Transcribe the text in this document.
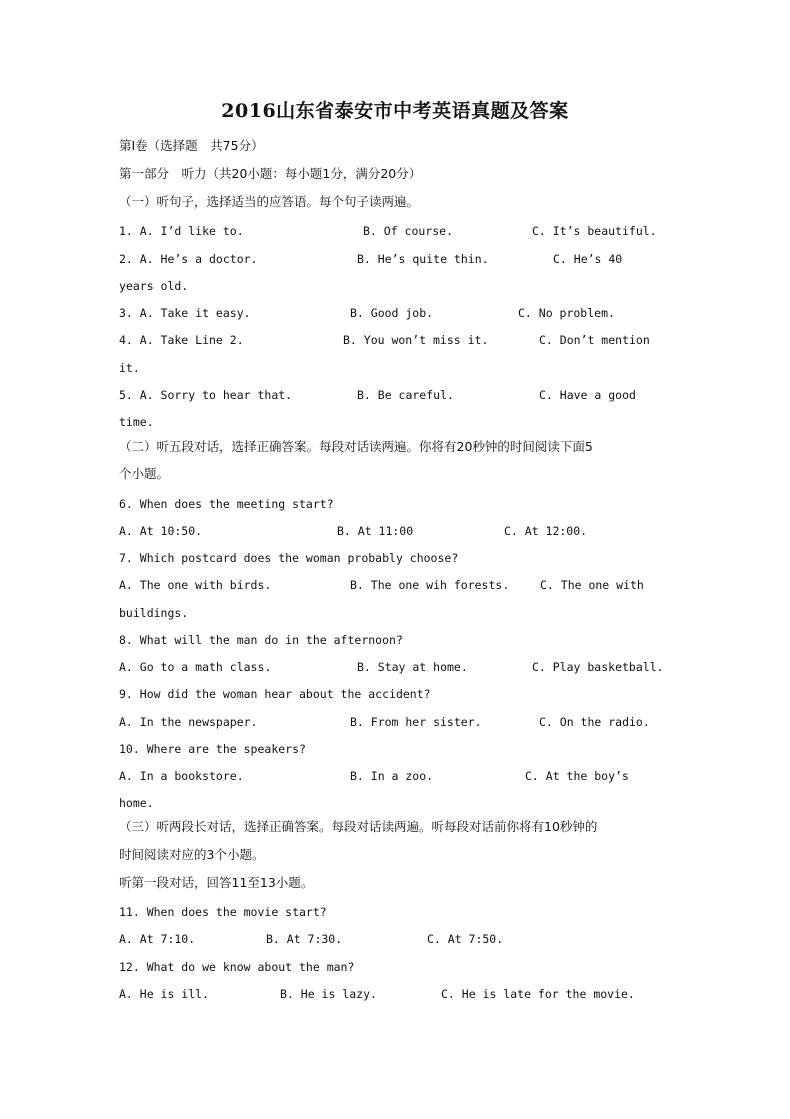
2016山东省泰安市中考英语真题及答案
第Ⅰ卷（选择题　共75分）
第一部分　听力（共20小题：每小题1分，满分20分）
（一）听句子，选择适当的应答语。每个句子读两遍。
1. A. I’d like to.	B. Of course.	C. It’s beautiful.
2. A. He’s a doctor.	B. He’s quite thin.	C. He’s 40
years old.
3. A. Take it easy.	B. Good job.	C. No problem.
4. A. Take Line 2.	B. You won’t miss it.	C. Don’t mention
it.
5. A. Sorry to hear that.	B. Be careful.	C. Have a good
time.
（二）听五段对话，选择正确答案。每段对话读两遍。你将有20秒钟的时间阅读下面5
个小题。
6. When does the meeting start?
A. At 10:50.	B. At 11:00	C. At 12:00.
7. Which postcard does the woman probably choose?
A. The one with birds.	B. The one wih forests.	C. The one with
buildings.
8. What will the man do in the afternoon?
A. Go to a math class.	B. Stay at home.	C. Play basketball.
9. How did the woman hear about the accident?
A. In the newspaper.	B. From her sister.	C. On the radio.
10. Where are the speakers?
A. In a bookstore.	B. In a zoo.	C. At the boy’s
home.
（三）听两段长对话，选择正确答案。每段对话读两遍。听每段对话前你将有10秒钟的
时间阅读对应的3个小题。
听第一段对话，回答11至13小题。
11. When does the movie start?
A. At 7:10.	B. At 7:30.	C. At 7:50.
12. What do we know about the man?
A. He is ill.	B. He is lazy.	C. He is late for the movie.
